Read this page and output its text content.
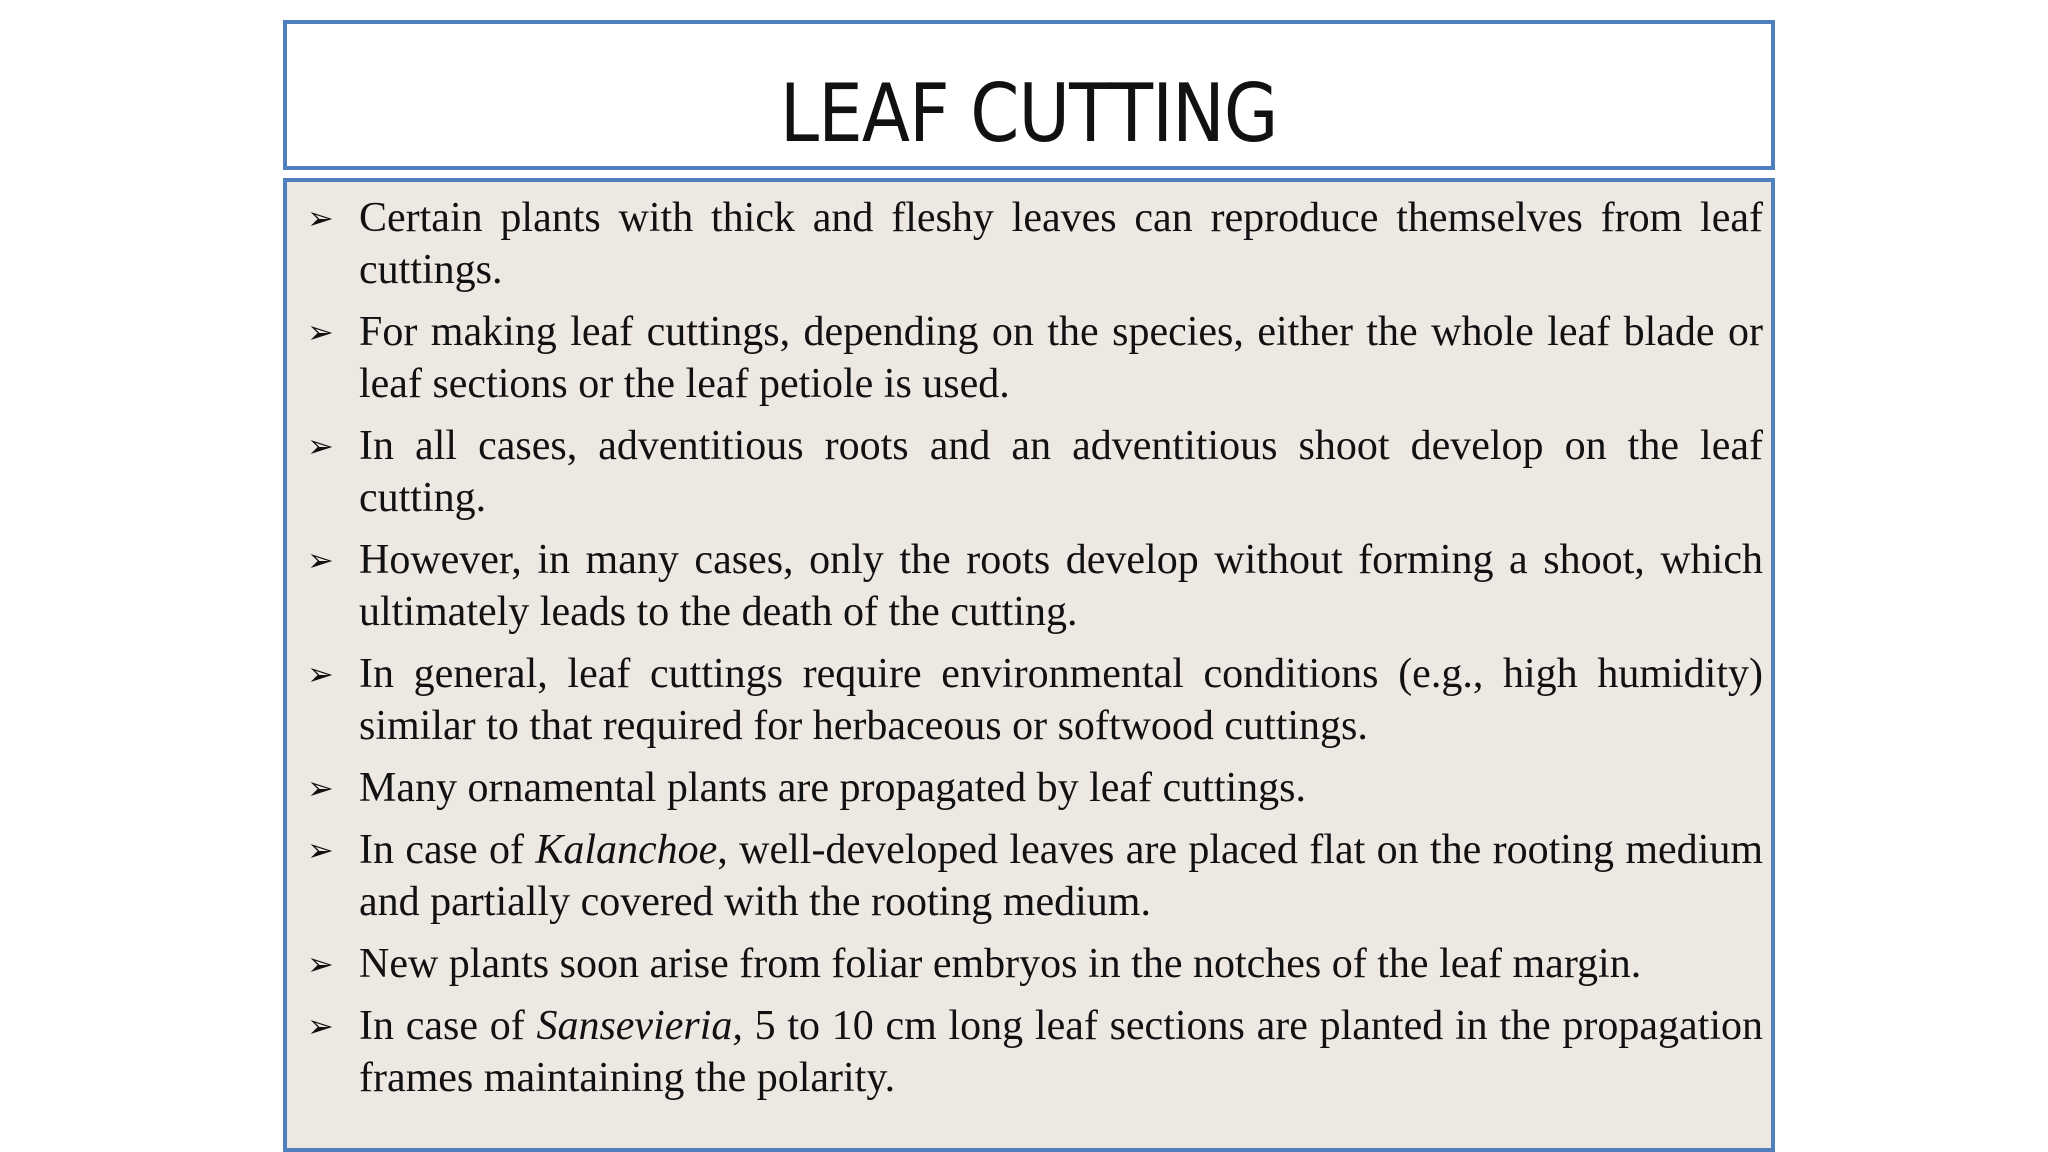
LEAF CUTTING
➢ Certain plants with thick and fleshy leaves can reproduce themselves from leaf cuttings.
➢ For making leaf cuttings, depending on the species, either the whole leaf blade or leaf sections or the leaf petiole is used.
➢ In all cases, adventitious roots and an adventitious shoot develop on the leaf cutting.
➢ However, in many cases, only the roots develop without forming a shoot, which ultimately leads to the death of the cutting.
➢ In general, leaf cuttings require environmental conditions (e.g., high humidity) similar to that required for herbaceous or softwood cuttings.
➢ Many ornamental plants are propagated by leaf cuttings.
➢ In case of Kalanchoe, well-developed leaves are placed flat on the rooting medium and partially covered with the rooting medium.
➢ New plants soon arise from foliar embryos in the notches of the leaf margin.
➢ In case of Sansevieria, 5 to 10 cm long leaf sections are planted in the propagation frames maintaining the polarity.
